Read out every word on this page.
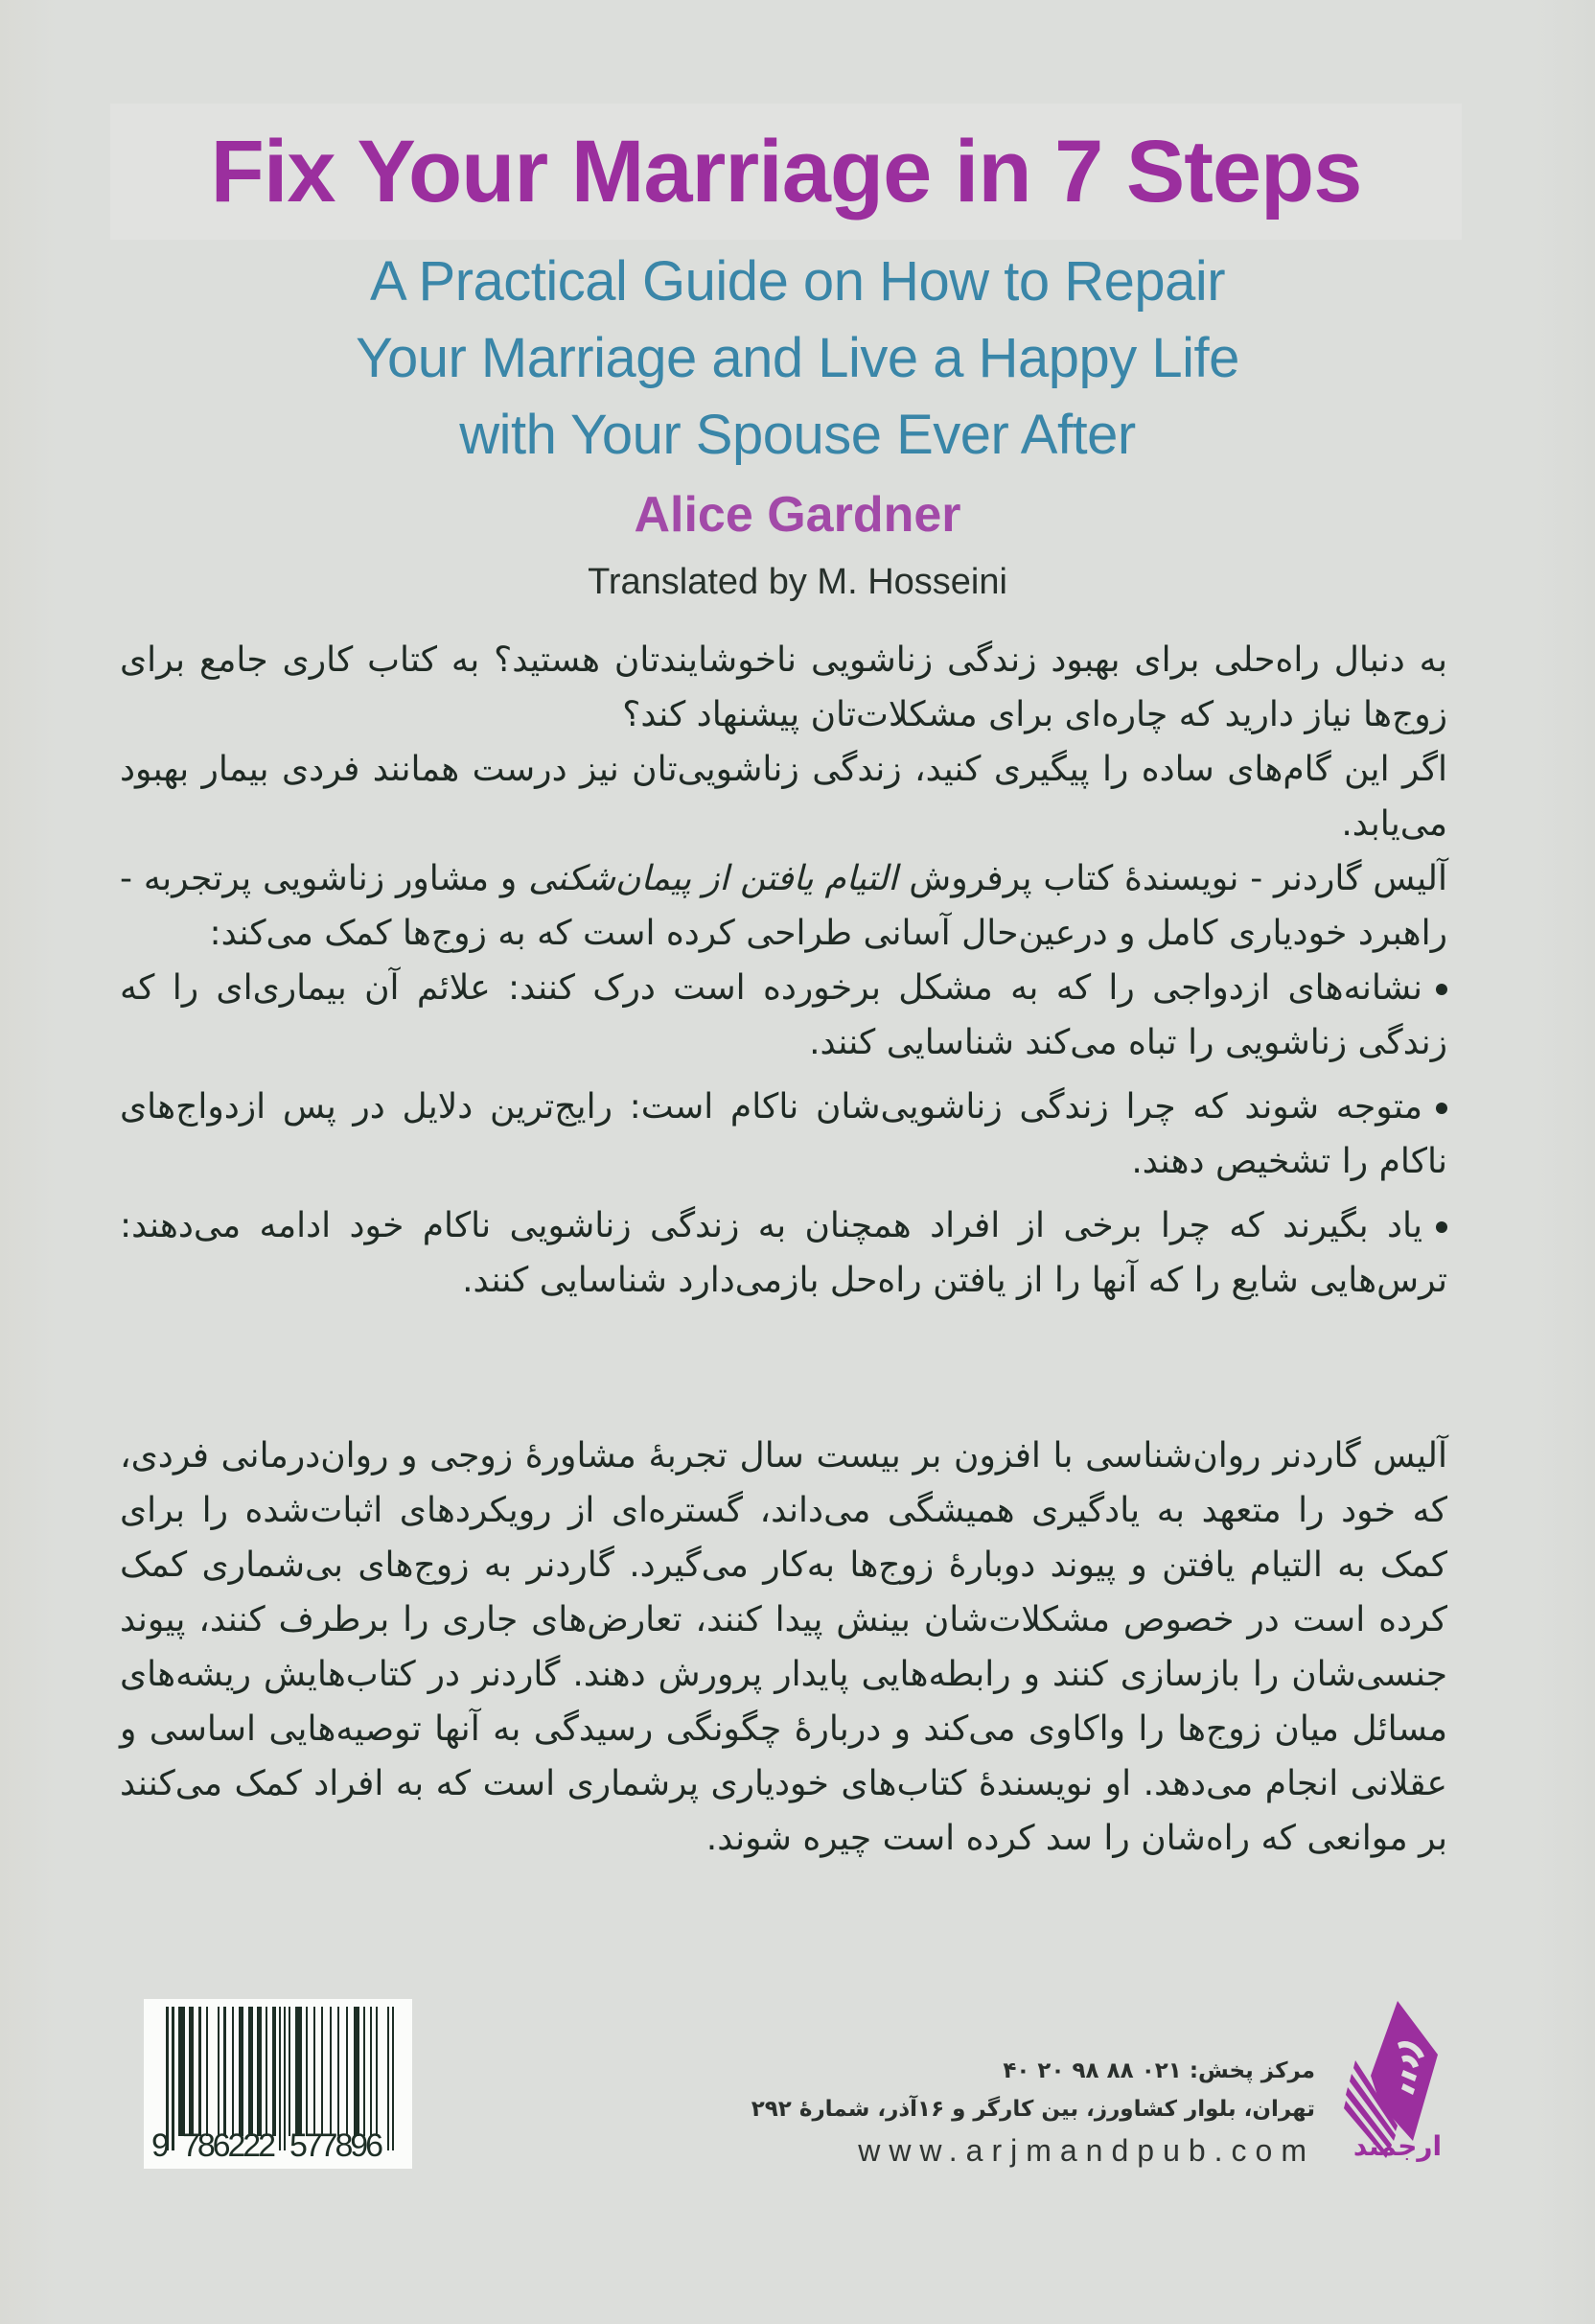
Fix Your Marriage in 7 Steps
A Practical Guide on How to Repair
Your Marriage and Live a Happy Life
with Your Spouse Ever After
Alice Gardner
Translated by M. Hosseini

به دنبال راه‌حلی برای بهبود زندگی زناشویی ناخوشایندتان هستید؟ به کتاب کاری جامع برای زوج‌ها نیاز دارید که چاره‌ای برای مشکلات‌تان پیشنهاد کند؟

اگر این گام‌های ساده را پیگیری کنید، زندگی زناشویی‌تان نیز درست همانند فردی بیمار بهبود می‌یابد.

آلیس گاردنر - نویسندهٔ کتاب پرفروش التیام یافتن از پیمان‌شکنی و مشاور زناشویی پرتجربه - راهبرد خودیاری کامل و درعین‌حال آسانی طراحی کرده است که به زوج‌ها کمک می‌کند:

نشانه‌های ازدواجی را که به مشکل برخورده است درک کنند: علائم آن بیماری‌ای را که زندگی زناشویی را تباه می‌کند شناسایی کنند.
متوجه شوند که چرا زندگی زناشویی‌شان ناکام است: رایج‌ترین دلایل در پس ازدواج‌های ناکام را تشخیص دهند.
یاد بگیرند که چرا برخی از افراد همچنان به زندگی زناشویی ناکام خود ادامه می‌دهند: ترس‌هایی شایع را که آنها را از یافتن راه‌حل بازمی‌دارد شناسایی کنند.

آلیس گاردنر روان‌شناسی با افزون بر بیست سال تجربهٔ مشاورهٔ زوجی و روان‌درمانی فردی، که خود را متعهد به یادگیری همیشگی می‌داند، گستره‌ای از رویکردهای اثبات‌شده را برای کمک به التیام یافتن و پیوند دوبارهٔ زوج‌ها به‌کار می‌گیرد. گاردنر به زوج‌های بی‌شماری کمک کرده است در خصوص مشکلات‌شان بینش پیدا کنند، تعارض‌های جاری را برطرف کنند، پیوند جنسی‌شان را بازسازی کنند و رابطه‌هایی پایدار پرورش دهند. گاردنر در کتاب‌هایش ریشه‌های مسائل میان زوج‌ها را واکاوی می‌کند و دربارهٔ چگونگی رسیدگی به آنها توصیه‌هایی اساسی و عقلانی انجام می‌دهد. او نویسندهٔ کتاب‌های خودیاری پرشماری است که به افراد کمک می‌کنند بر موانعی که راه‌شان را سد کرده است چیره شوند.

9 786222 577896
مرکز پخش: ۰۲۱ ۸۸ ۹۸ ۲۰ ۴۰
تهران، بلوار کشاورز، بین کارگر و ۱۶آذر، شمارهٔ ۲۹۲
www.arjmandpub.com	ارجمند
